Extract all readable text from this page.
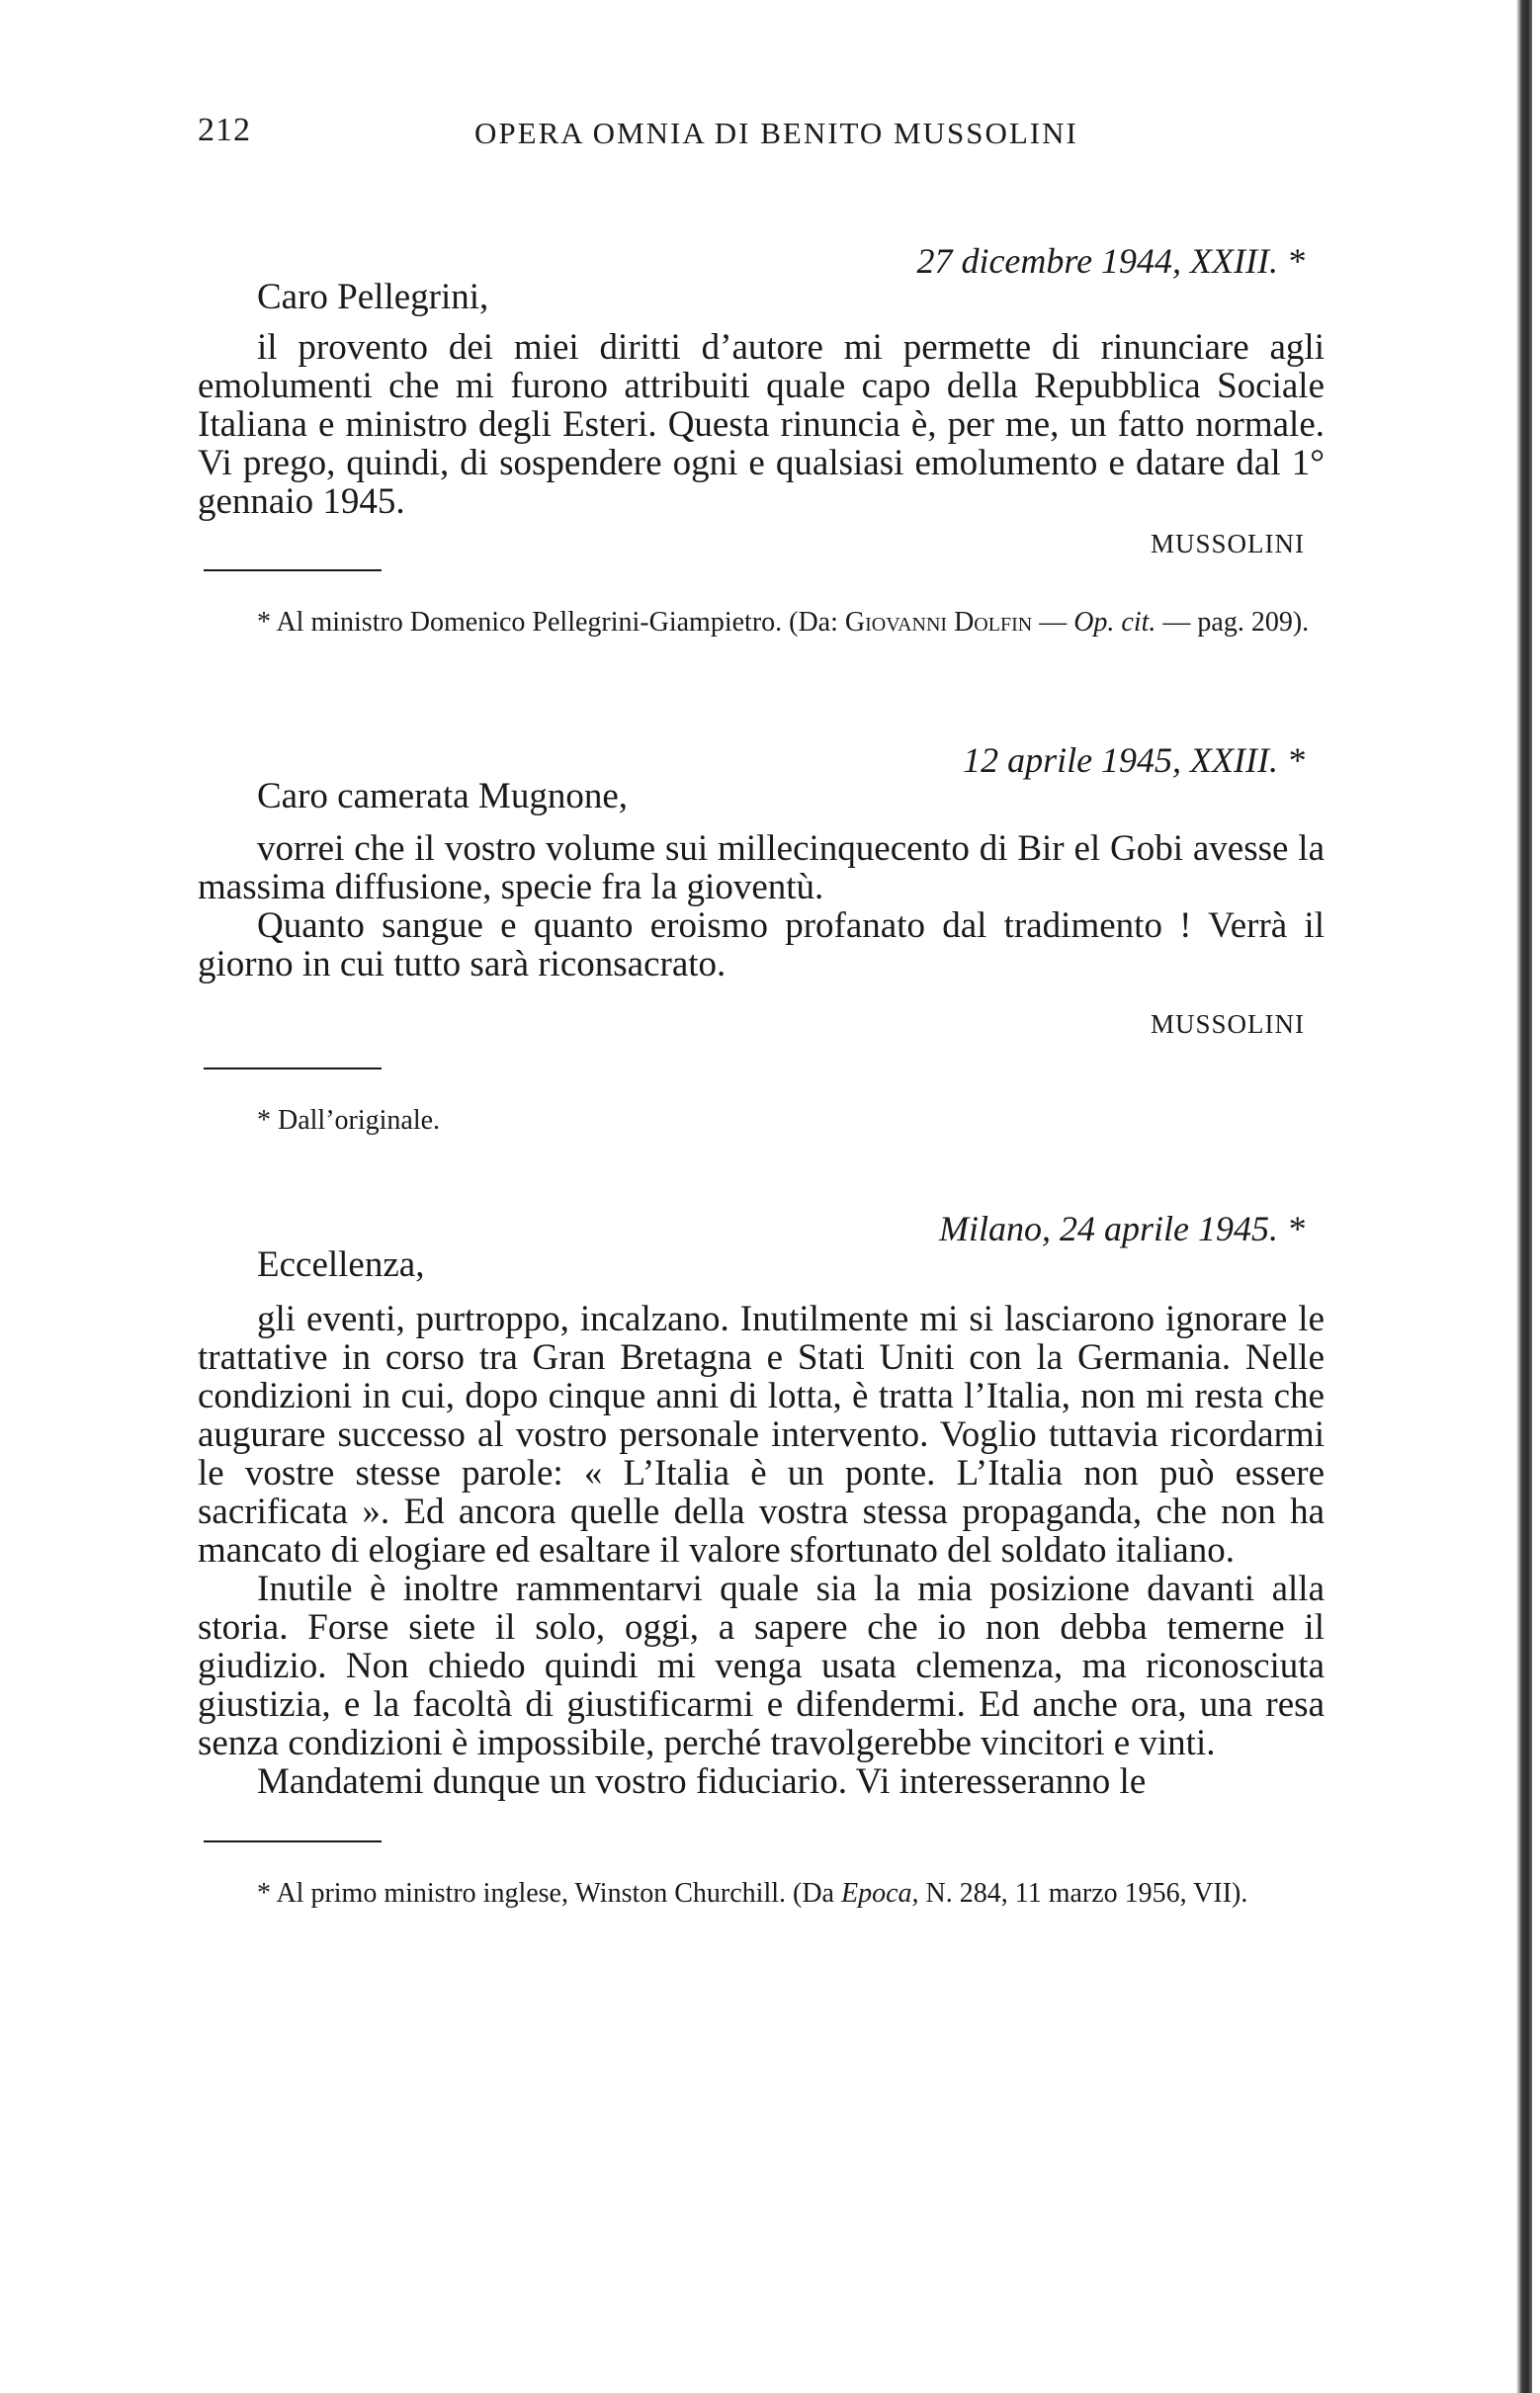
212	OPERA OMNIA DI BENITO MUSSOLINI
27 dicembre 1944, XXIII. *
Caro Pellegrini,

il provento dei miei diritti d’autore mi permette di rinunciare agli emolumenti che mi furono attribuiti quale capo della Repubblica Sociale Italiana e ministro degli Esteri. Questa rinuncia è, per me, un fatto normale. Vi prego, quindi, di sospendere ogni e qualsiasi emolumento e datare dal 1° gennaio 1945.

MUSSOLINI
* Al ministro Domenico Pellegrini-Giampietro. (Da: Giovanni Dolfin — Op. cit. — pag. 209).
12 aprile 1945, XXIII. *
Caro camerata Mugnone,

vorrei che il vostro volume sui millecinquecento di Bir el Gobi avesse la massima diffusione, specie fra la gioventù.

Quanto sangue e quanto eroismo profanato dal tradimento ! Verrà il giorno in cui tutto sarà riconsacrato.

MUSSOLINI
* Dall’originale.
Milano, 24 aprile 1945. *
Eccellenza,

gli eventi, purtroppo, incalzano. Inutilmente mi si lasciarono ignorare le trattative in corso tra Gran Bretagna e Stati Uniti con la Germania. Nelle condizioni in cui, dopo cinque anni di lotta, è tratta l’Italia, non mi resta che augurare successo al vostro personale intervento. Voglio tuttavia ricordarmi le vostre stesse parole: « L’Italia è un ponte. L’Italia non può essere sacrificata ». Ed ancora quelle della vostra stessa propaganda, che non ha mancato di elogiare ed esaltare il valore sfortunato del soldato italiano.

Inutile è inoltre rammentarvi quale sia la mia posizione davanti alla storia. Forse siete il solo, oggi, a sapere che io non debba temerne il giudizio. Non chiedo quindi mi venga usata clemenza, ma riconosciuta giustizia, e la facoltà di giustificarmi e difendermi. Ed anche ora, una resa senza condizioni è impossibile, perché travolgerebbe vincitori e vinti.

Mandatemi dunque un vostro fiduciario. Vi interesseranno le

* Al primo ministro inglese, Winston Churchill. (Da Epoca, N. 284, 11 marzo 1956, VII).
